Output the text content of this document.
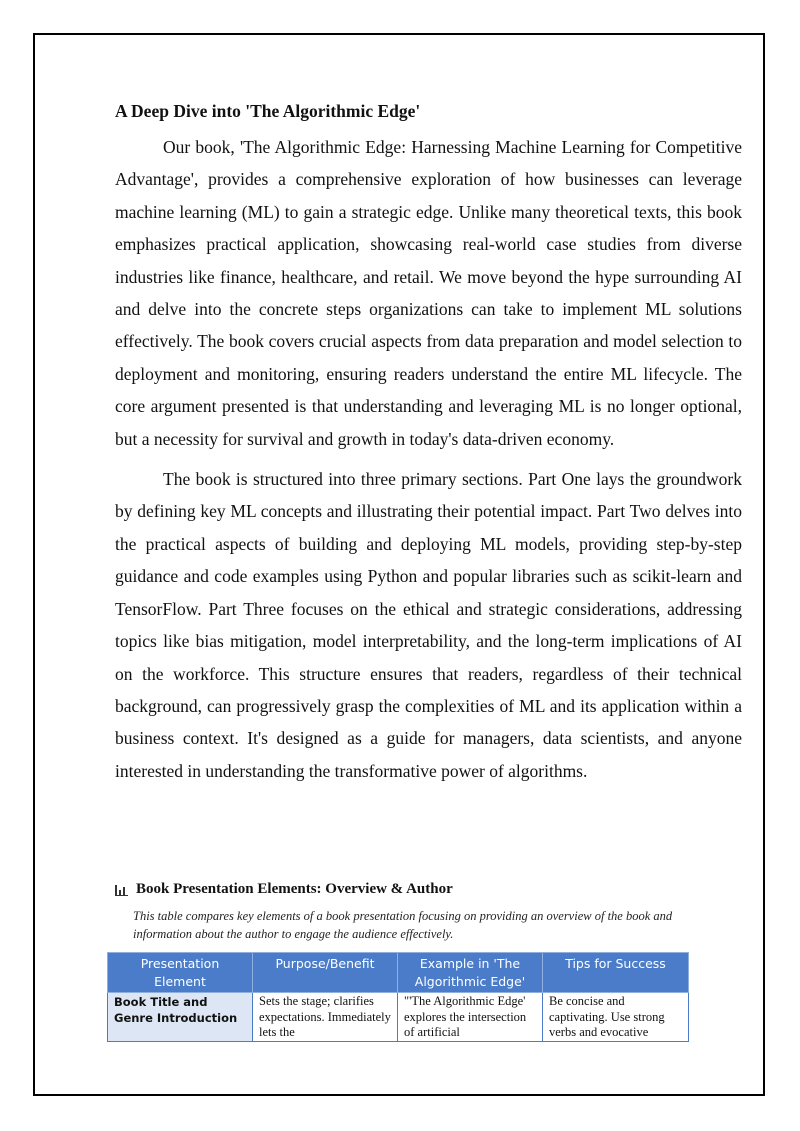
A Deep Dive into 'The Algorithmic Edge'

Our book, 'The Algorithmic Edge: Harnessing Machine Learning for Competitive Advantage', provides a comprehensive exploration of how businesses can leverage machine learning (ML) to gain a strategic edge. Unlike many theoretical texts, this book emphasizes practical application, showcasing real-world case studies from diverse industries like finance, healthcare, and retail. We move beyond the hype surrounding AI and delve into the concrete steps organizations can take to implement ML solutions effectively. The book covers crucial aspects from data preparation and model selection to deployment and monitoring, ensuring readers understand the entire ML lifecycle. The core argument presented is that understanding and leveraging ML is no longer optional, but a necessity for survival and growth in today's data-driven economy.

The book is structured into three primary sections. Part One lays the groundwork by defining key ML concepts and illustrating their potential impact. Part Two delves into the practical aspects of building and deploying ML models, providing step-by-step guidance and code examples using Python and popular libraries such as scikit-learn and TensorFlow. Part Three focuses on the ethical and strategic considerations, addressing topics like bias mitigation, model interpretability, and the long-term implications of AI on the workforce. This structure ensures that readers, regardless of their technical background, can progressively grasp the complexities of ML and its application within a business context. It's designed as a guide for managers, data scientists, and anyone interested in understanding the transformative power of algorithms.

Book Presentation Elements: Overview & Author
This table compares key elements of a book presentation focusing on providing an overview of the book and information about the author to engage the audience effectively.
Presentation Element	Purpose/Benefit	Example in 'The Algorithmic Edge'	Tips for Success

Book Title and Genre Introduction	Sets the stage; clarifies expectations. Immediately lets the	"'The Algorithmic Edge' explores the intersection of artificial	Be concise and captivating. Use strong verbs and evocative
